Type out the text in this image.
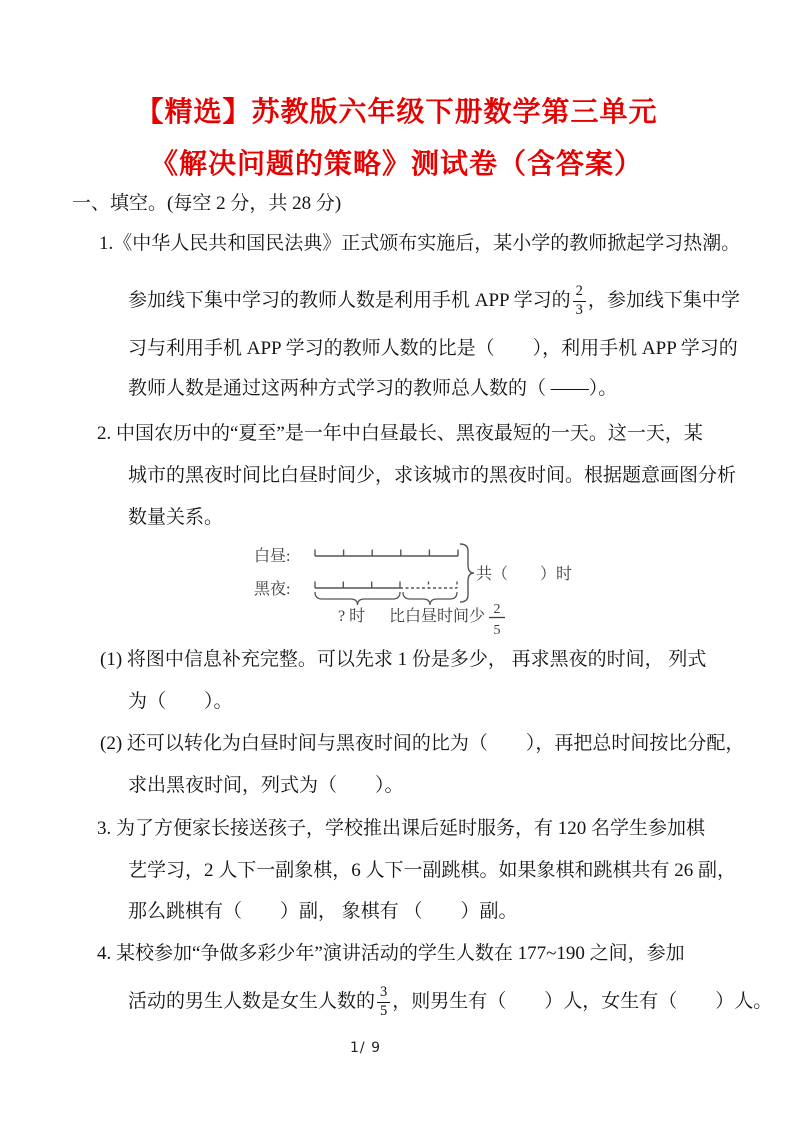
【精选】苏教版六年级下册数学第三单元
《解决问题的策略》测试卷（含答案）
一、填空。(每空 2 分，共 28 分)
1.《中华人民共和国民法典》正式颁布实施后，某小学的教师掀起学习热潮。
参加线下集中学习的教师人数是利用手机 APP 学习的 $\frac{2}{3}$ ，参加线下集中学
习与利用手机 APP 学习的教师人数的比是（　　），利用手机 APP 学习的
教师人数是通过这两种方式学习的教师总人数的（ ——）。
2. 中国农历中的“夏至”是一年中白昼最长、黑夜最短的一天。这一天，某
城市的黑夜时间比白昼时间少，求该城市的黑夜时间。根据题意画图分析
数量关系。
白昼:
黑夜:
共（　　）时
? 时 比白昼时间少 2
5
(1) 将图中信息补充完整。可以先求 1 份是多少， 再求黑夜的时间， 列式
为（　　）。
(2) 还可以转化为白昼时间与黑夜时间的比为（　　），再把总时间按比分配，
求出黑夜时间，列式为（　　）。
3. 为了方便家长接送孩子，学校推出课后延时服务，有 120 名学生参加棋
艺学习，2 人下一副象棋，6 人下一副跳棋。如果象棋和跳棋共有 26 副，
那么跳棋有（　　）副， 象棋有 （　　）副。
4. 某校参加“争做多彩少年”演讲活动的学生人数在 177~190 之间，参加
活动的男生人数是女生人数的 $\frac{3}{5}$ ，则男生有（　　）人，女生有（　　）人。
1/ 9
